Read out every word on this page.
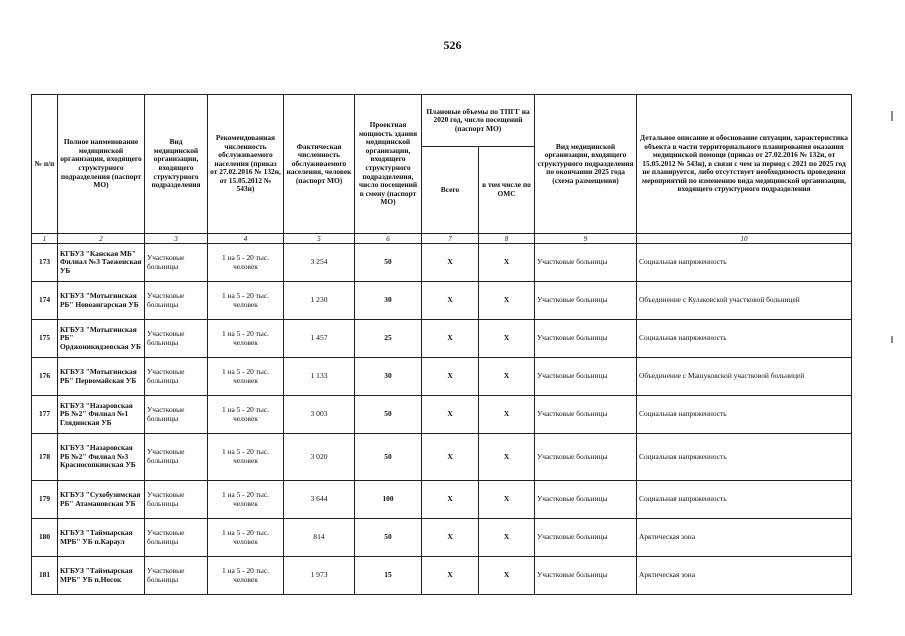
526
№ п/п	Полное наименование медицинской организации, входящего структурного подразделения (паспорт МО)	Вид медицинской организации, входящего структурного подразделения	Рекомендованная численность обслуживаемого населения (приказ от 27.02.2016 № 132н, от 15.05.2012 № 543н)	Фактическая численность обслуживаемого населения, человек (паспорт МО)	Проектная мощность здания медицинской организации, входящего структурного подразделения, число посещений в смену (паспорт МО)	Плановые объемы по ТПГГ на 2020 год, число посещений (паспорт МО)		Вид медицинской организации, входящего структурного подразделения по окончании 2025 года (схема размещения)	Детальное описание и обоснование ситуации, характеристика объекта в части территориального планирования оказания медицинской помощи (приказ от 27.02.2016 № 132н, от 15.05.2012 № 543н), в связи с чем за период с 2021 по 2025 год не планируется, либо отсутствует необходимость проведения мероприятий по изменению вида медицинской организации, входящего структурного подразделения
						Всего	в том числе по ОМС		
1	2	3	4	5	6	7	8	9	10
173	КГБУЗ "Канская МБ" Филиал №3 Таеженская УБ	Участковые больницы	1 на 5 - 20 тыс. человек	3 254	50	X	X	Участковые больницы	Социальная напряженность
174	КГБУЗ "Мотыгинская РБ" Новоангарская УБ	Участковые больницы	1 на 5 - 20 тыс. человек	1 230	30	X	X	Участковые больницы	Объединение с Кулаковской участковой больницей
175	КГБУЗ "Мотыгинская РБ" Орджоникидзевская УБ	Участковые больницы	1 на 5 - 20 тыс. человек	1 457	25	X	X	Участковые больницы	Социальная напряженность
176	КГБУЗ "Мотыгинская РБ" Первомайская УБ	Участковые больницы	1 на 5 - 20 тыс. человек	1 133	30	X	X	Участковые больницы	Объединение с Машуковской участковой больницей
177	КГБУЗ "Назаровская РБ №2" Филиал №1 Глядинская УБ	Участковые больницы	1 на 5 - 20 тыс. человек	3 003	50	X	X	Участковые больницы	Социальная напряженность
178	КГБУЗ "Назаровская РБ №2" Филиал №3 Красносопкинская УБ	Участковые больницы	1 на 5 - 20 тыс. человек	3 020	50	X	X	Участковые больницы	Социальная напряженность
179	КГБУЗ "Сухобузимская РБ" Атамановская УБ	Участковые больницы	1 на 5 - 20 тыс. человек	3 644	100	X	X	Участковые больницы	Социальная напряженность
180	КГБУЗ "Таймырская МРБ" УБ п.Караул	Участковые больницы	1 на 5 - 20 тыс. человек	814	50	X	X	Участковые больницы	Арктическая зона
181	КГБУЗ "Таймырская МРБ" УБ п.Носок	Участковые больницы	1 на 5 - 20 тыс. человек	1 973	15	X	X	Участковые больницы	Арктическая зона
